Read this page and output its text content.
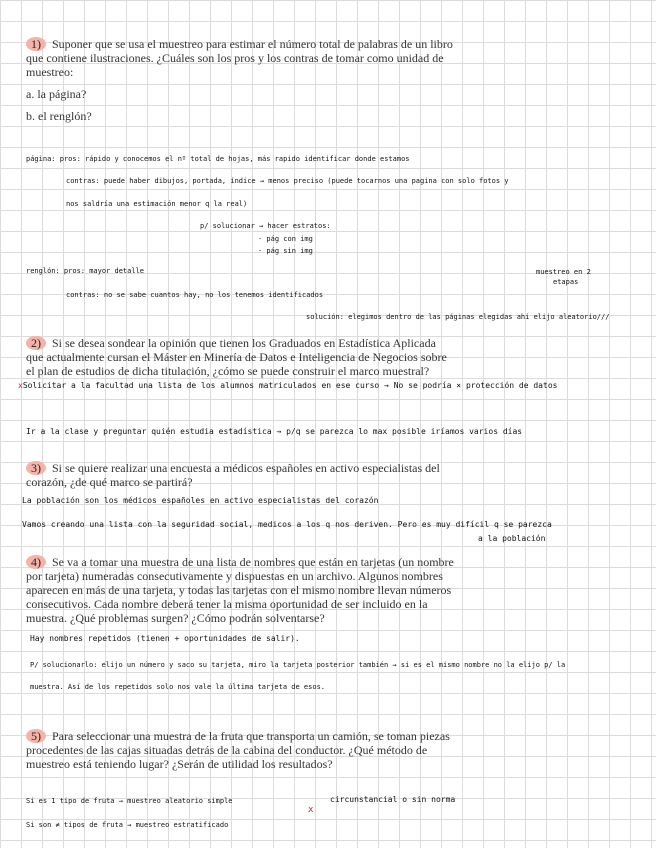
1) Suponer que se usa el muestreo para estimar el número total de palabras de un libro que contiene ilustraciones. ¿Cuáles son los pros y los contras de tomar como unidad de muestreo:
a. la página?
b. el renglón?
página: pros: rápido y conocemos el nº total de hojas, más rapido identificar donde estamos
contras: puede haber dibujos, portada, índice → menos preciso (puede tocarnos una pagina con solo fotos y
nos saldría una estimación menor q la real)
p/ solucionar → hacer estratos:
· pág con img
· pág sin img
renglón: pros: mayor detalle	muestreo en 2
etapas
contras: no se sabe cuantos hay, no los tenemos identificados
solución: elegimos dentro de las páginas elegidas ahí elijo aleatorio///
2) Si se desea sondear la opinión que tienen los Graduados en Estadística Aplicada que actualmente cursan el Máster en Minería de Datos e Inteligencia de Negocios sobre el plan de estudios de dicha titulación, ¿cómo se puede construir el marco muestral?
xSolicitar a la facultad una lista de los alumnos matriculados en ese curso → No se podría × protección de datos
Ir a la clase y preguntar quién estudia estadística → p/q se parezca lo max posible iríamos varios días
3) Si se quiere realizar una encuesta a médicos españoles en activo especialistas del corazón, ¿de qué marco se partirá?
La población son los médicos españoles en activo especialistas del corazón
Vamos creando una lista con la seguridad social, medicos a los q nos deriven. Pero es muy difícil q se parezca
a la población
4) Se va a tomar una muestra de una lista de nombres que están en tarjetas (un nombre por tarjeta) numeradas consecutivamente y dispuestas en un archivo. Algunos nombres aparecen en más de una tarjeta, y todas las tarjetas con el mismo nombre llevan números consecutivos. Cada nombre deberá tener la misma oportunidad de ser incluido en la muestra. ¿Qué problemas surgen? ¿Cómo podrán solventarse?
Hay nombres repetidos (tienen + oportunidades de salir).
P/ solucionarlo: elijo un número y saco su tarjeta, miro la tarjeta posterior también → si es el mismo nombre no la elijo p/ la
muestra. Así de los repetidos solo nos vale la última tarjeta de esos.
5) Para seleccionar una muestra de la fruta que transporta un camión, se toman piezas procedentes de las cajas situadas detrás de la cabina del conductor. ¿Qué método de muestreo está teniendo lugar? ¿Serán de utilidad los resultados?
Si es 1 tipo de fruta → muestreo aleatorio simple
x
circunstancial o sin norma
Si son ≠ tipos de fruta → muestreo estratificado
